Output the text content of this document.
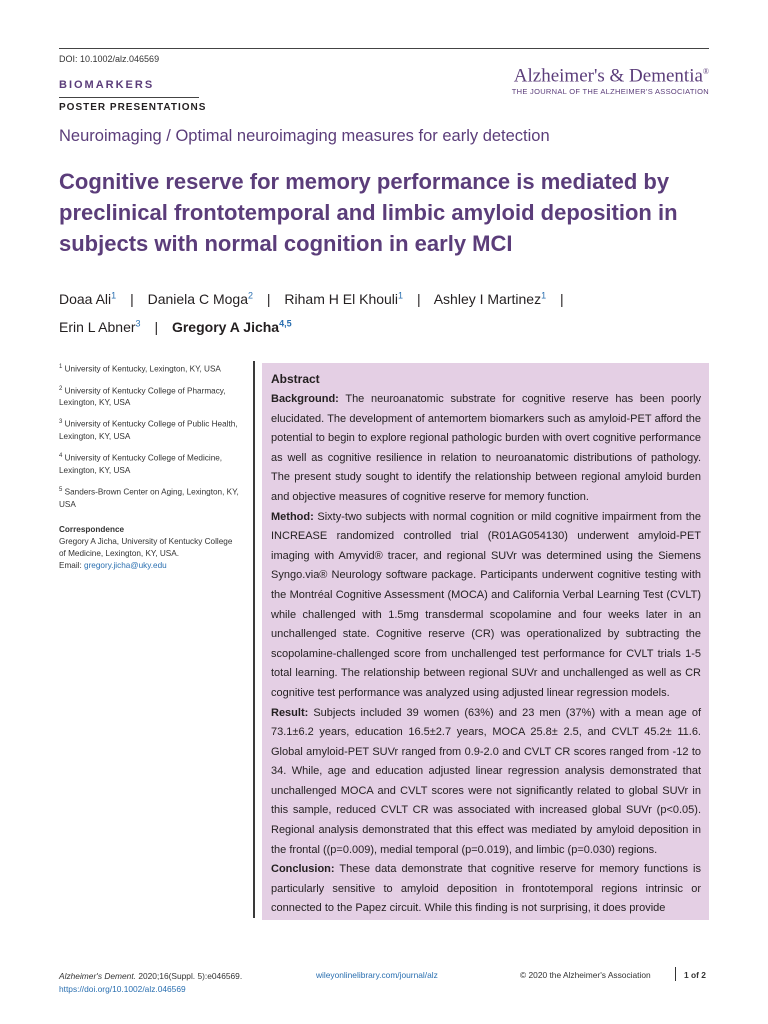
DOI: 10.1002/alz.046569
BIOMARKERS
POSTER PRESENTATIONS
Alzheimer's & Dementia®
THE JOURNAL OF THE ALZHEIMER'S ASSOCIATION
Neuroimaging / Optimal neuroimaging measures for early detection
Cognitive reserve for memory performance is mediated by preclinical frontotemporal and limbic amyloid deposition in subjects with normal cognition in early MCI
Doaa Ali$^1$ | Daniela C Moga$^2$ | Riham H El Khouli$^1$ | Ashley I Martinez$^1$ |
Erin L Abner$^3$ | Gregory A Jicha$^{4,5}$
$^1$ University of Kentucky, Lexington, KY, USA
$^2$ University of Kentucky College of Pharmacy, Lexington, KY, USA
$^3$ University of Kentucky College of Public Health, Lexington, KY, USA
$^4$ University of Kentucky College of Medicine, Lexington, KY, USA
$^5$ Sanders-Brown Center on Aging, Lexington, KY, USA
Correspondence
Gregory A Jicha, University of Kentucky College of Medicine, Lexington, KY, USA.
Email: gregory.jicha@uky.edu
Abstract

Background: The neuroanatomic substrate for cognitive reserve has been poorly elucidated. The development of antemortem biomarkers such as amyloid-PET afford the potential to begin to explore regional pathologic burden with overt cognitive performance as well as cognitive resilience in relation to neuroanatomic distributions of pathology. The present study sought to identify the relationship between regional amyloid burden and objective measures of cognitive reserve for memory function.

Method: Sixty-two subjects with normal cognition or mild cognitive impairment from the INCREASE randomized controlled trial (R01AG054130) underwent amyloid-PET imaging with Amyvid® tracer, and regional SUVr was determined using the Siemens Syngo.via® Neurology software package. Participants underwent cognitive testing with the Montréal Cognitive Assessment (MOCA) and California Verbal Learning Test (CVLT) while challenged with 1.5mg transdermal scopolamine and four weeks later in an unchallenged state. Cognitive reserve (CR) was operationalized by subtracting the scopolamine-challenged score from unchallenged test performance for CVLT trials 1-5 total learning. The relationship between regional SUVr and unchallenged as well as CR cognitive test performance was analyzed using adjusted linear regression models.

Result: Subjects included 39 women (63%) and 23 men (37%) with a mean age of 73.1±6.2 years, education 16.5±2.7 years, MOCA 25.8± 2.5, and CVLT 45.2± 11.6. Global amyloid-PET SUVr ranged from 0.9-2.0 and CVLT CR scores ranged from -12 to 34. While, age and education adjusted linear regression analysis demonstrated that unchallenged MOCA and CVLT scores were not significantly related to global SUVr in this sample, reduced CVLT CR was associated with increased global SUVr (p<0.05). Regional analysis demonstrated that this effect was mediated by amyloid deposition in the frontal ((p=0.009), medial temporal (p=0.019), and limbic (p=0.030) regions.

Conclusion: These data demonstrate that cognitive reserve for memory functions is particularly sensitive to amyloid deposition in frontotemporal regions intrinsic or connected to the Papez circuit. While this finding is not surprising, it does provide

Alzheimer's Dement. 2020;16(Suppl. 5):e046569.
https://doi.org/10.1002/alz.046569
wileyonlinelibrary.com/journal/alz	© 2020 the Alzheimer's Association	1 of 2
